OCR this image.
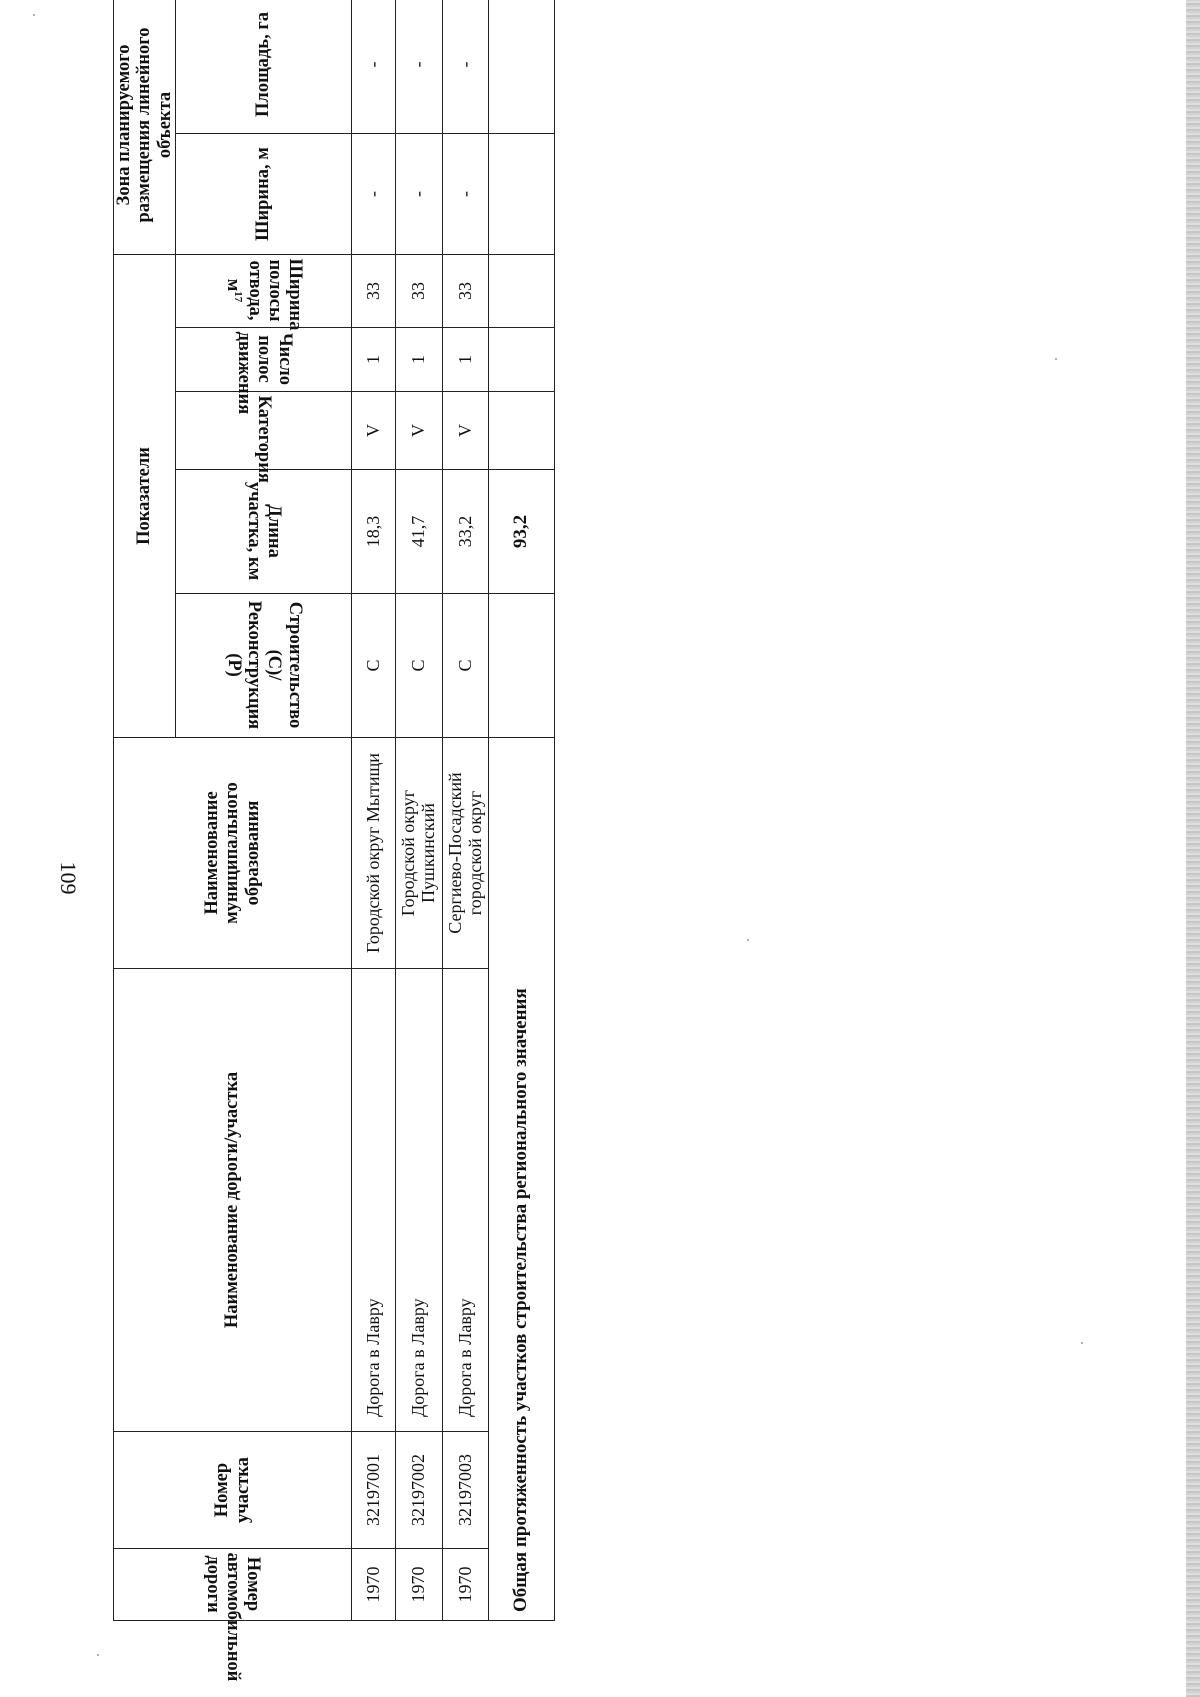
109
Номер автомобильной дороги	Номер участка	Наименование дороги/участка	Наименование муниципального образования	Показатели					Зона планируемого размещения линейного объекта	
				Строительство (С)/ Реконструкция (Р)	Длина участка, км	Категория	Число полос движения	Ширина полосы отвода, $м^{17}$	Ширина, м	Площадь, га
1970	32197001	Дорога в Лавру	Городской округ Мытищи	С	18,3	V	1	33	-	-
1970	32197002	Дорога в Лавру	Городской округ Пушкинский	С	41,7	V	1	33	-	-
1970	32197003	Дорога в Лавру	Сергиево-Посадский городской округ	С	33,2	V	1	33	-	-
Общая протяженность участков строительства регионального значения					93,2					
